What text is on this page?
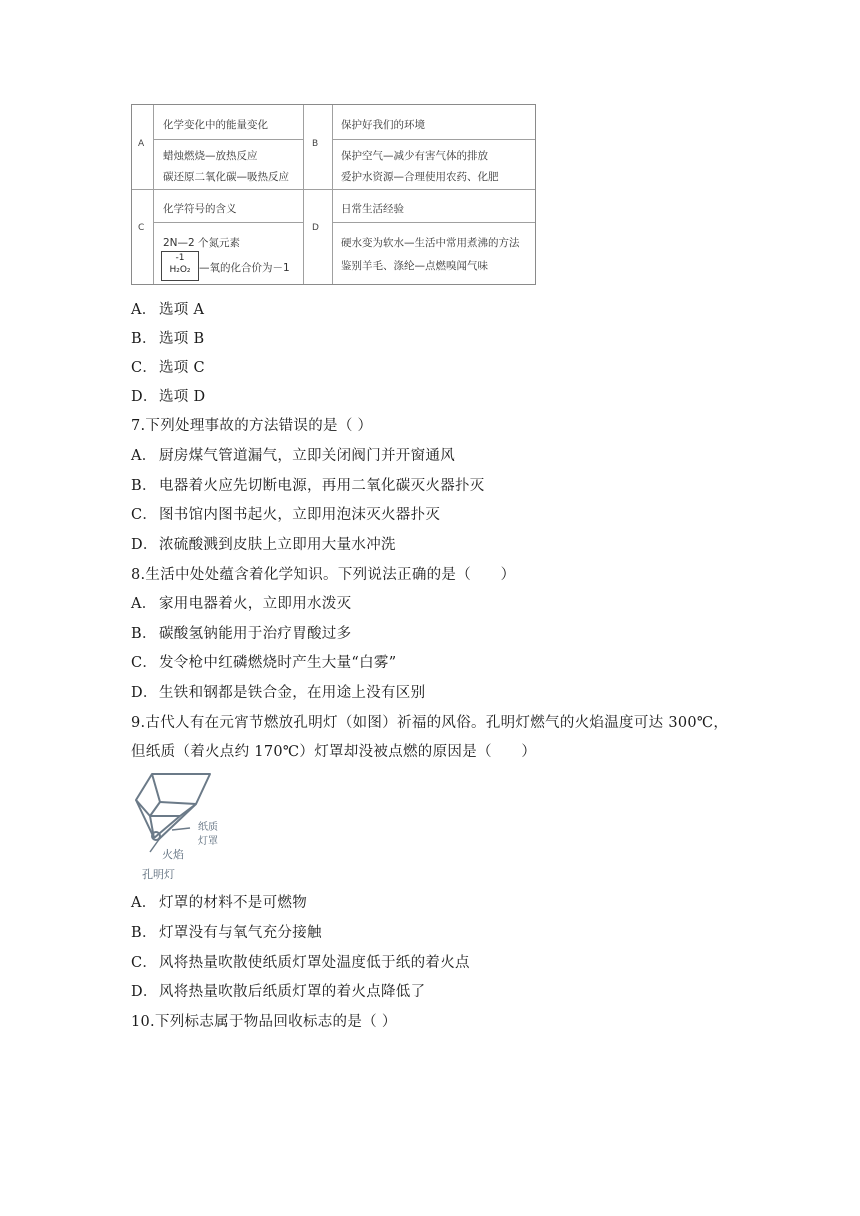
A
化学变化中的能量变化
蜡烛燃烧—放热反应
碳还原二氧化碳—吸热反应
B
保护好我们的环境
保护空气—减少有害气体的排放
爱护水资源—合理使用农药、化肥
C
化学符号的含义
2N—2 个氮元素
-1
H₂O₂ —氧的化合价为－1
D
日常生活经验
硬水变为软水—生活中常用煮沸的方法
鉴别羊毛、涤纶—点燃嗅闻气味
A． 选项 A
B． 选项 B
C． 选项 C
D．选项 D
7.下列处理事故的方法错误的是（ ）
A． 厨房煤气管道漏气，立即关闭阀门并开窗通风
B． 电器着火应先切断电源，再用二氧化碳灭火器扑灭
C． 图书馆内图书起火，立即用泡沫灭火器扑灭
D．浓硫酸溅到皮肤上立即用大量水冲洗
8.生活中处处蕴含着化学知识。下列说法正确的是（　　）
A． 家用电器着火，立即用水泼灭
B． 碳酸氢钠能用于治疗胃酸过多
C． 发令枪中红磷燃烧时产生大量“白雾”
D．生铁和钢都是铁合金，在用途上没有区别
9.古代人有在元宵节燃放孔明灯（如图）祈福的风俗。孔明灯燃气的火焰温度可达 300℃，
但纸质（着火点约 170℃）灯罩却没被点燃的原因是（　　）
纸质
灯罩
火焰
孔明灯
A． 灯罩的材料不是可燃物
B． 灯罩没有与氧气充分接触
C． 风将热量吹散使纸质灯罩处温度低于纸的着火点
D．风将热量吹散后纸质灯罩的着火点降低了
10.下列标志属于物品回收标志的是（ ）
